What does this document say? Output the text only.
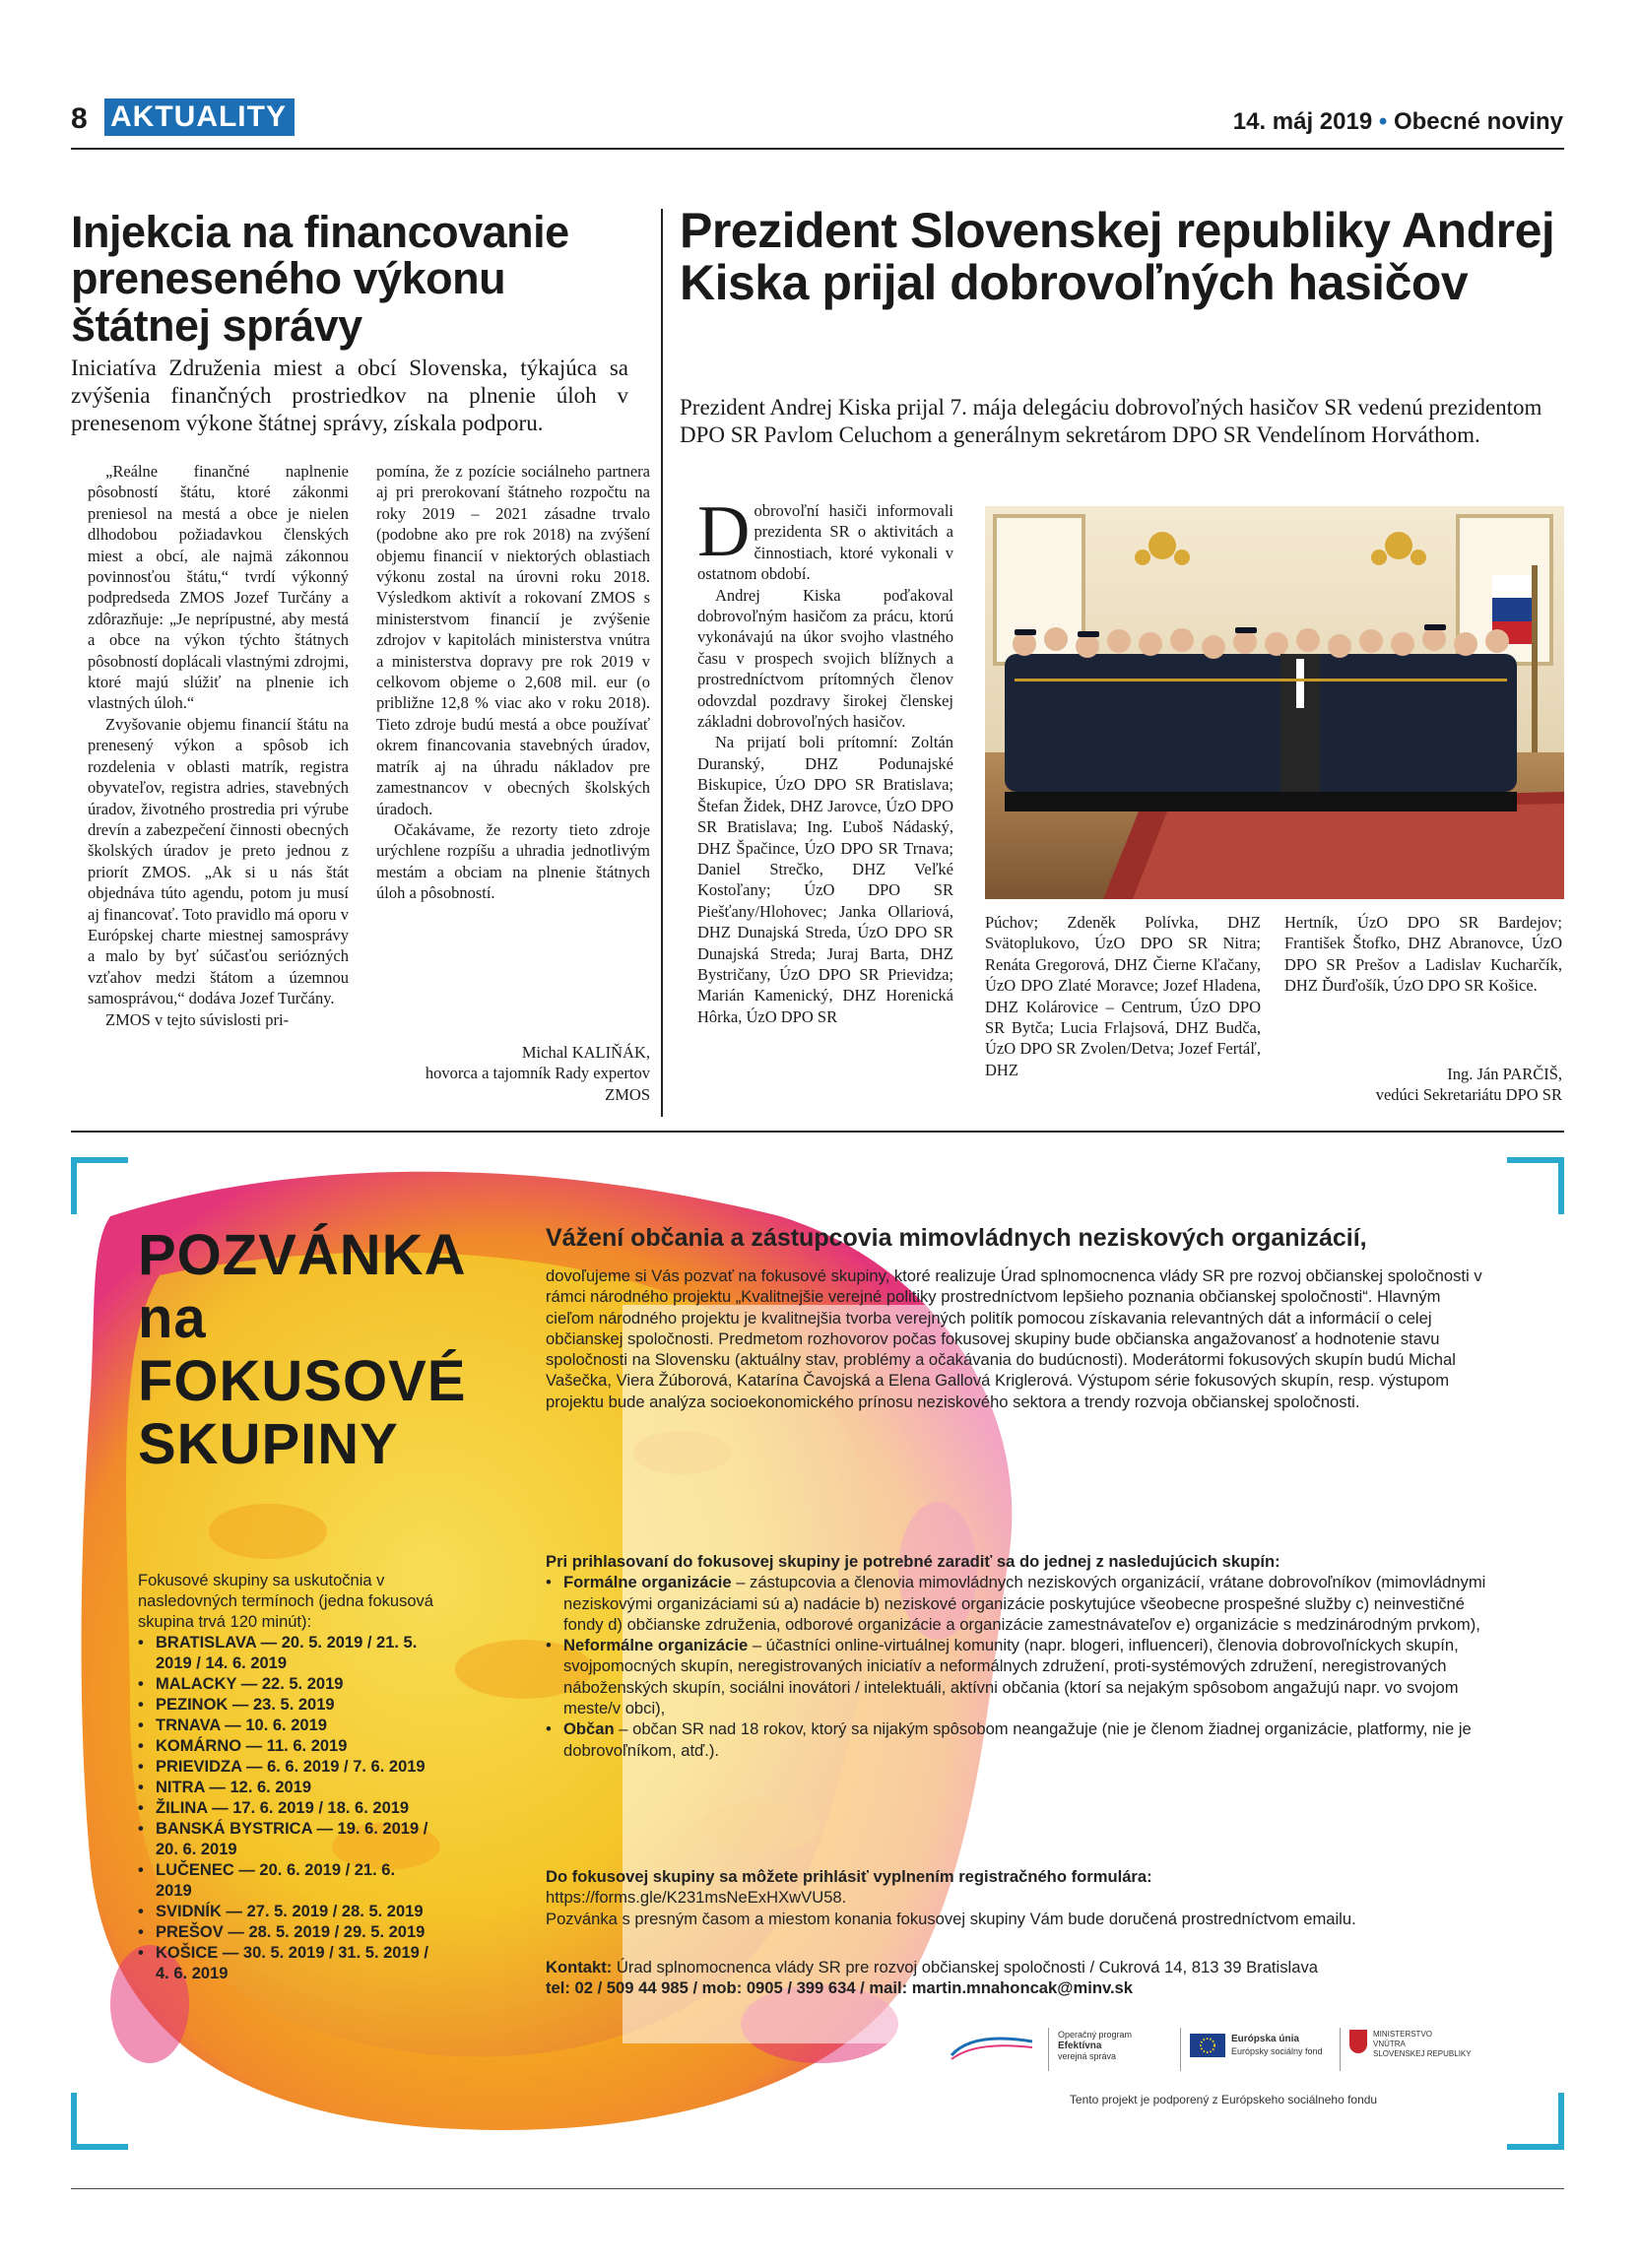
8 AKTUALITY	14. máj 2019 • Obecné noviny
Injekcia na financovanie preneseného výkonu štátnej správy
Iniciatíva Združenia miest a obcí Slovenska, týkajúca sa zvýšenia finančných prostriedkov na plnenie úloh v prenesenom výkone štátnej správy, získala podporu.

„Reálne finančné naplnenie pôsobností štátu, ktoré zákonmi preniesol na mestá a obce je nielen dlhodobou požiadavkou členských miest a obcí, ale najmä zákonnou povinnosťou štátu,“ tvrdí výkonný podpredseda ZMOS Jozef Turčány a zdôrazňuje: „Je neprípustné, aby mestá a obce na výkon týchto štátnych pôsobností doplácali vlastnými zdrojmi, ktoré majú slúžiť na plnenie ich vlastných úloh.“

Zvyšovanie objemu financií štátu na prenesený výkon a spôsob ich rozdelenia v oblasti matrík, registra obyvateľov, registra adries, stavebných úradov, životného prostredia pri výrube drevín a zabezpečení činnosti obecných školských úradov je preto jednou z priorít ZMOS. „Ak si u nás štát objednáva túto agendu, potom ju musí aj financovať. Toto pravidlo má oporu v Európskej charte miestnej samosprávy a malo by byť súčasťou seriózných vzťahov medzi štátom a územnou samosprávou,“ dodáva Jozef Turčány.

ZMOS v tejto súvislosti pri-

pomína, že z pozície sociálneho partnera aj pri prerokovaní štátneho rozpočtu na roky 2019 – 2021 zásadne trvalo (podobne ako pre rok 2018) na zvýšení objemu financií v niektorých oblastiach výkonu zostal na úrovni roku 2018. Výsledkom aktivít a rokovaní ZMOS s ministerstvom financií je zvýšenie zdrojov v kapitolách ministerstva vnútra a ministerstva dopravy pre rok 2019 v celkovom objeme o 2,608 mil. eur (o približne 12,8 % viac ako v roku 2018). Tieto zdroje budú mestá a obce používať okrem financovania stavebných úradov, matrík aj na úhradu nákladov pre zamestnancov v obecných školských úradoch.

Očakávame, že rezorty tieto zdroje urýchlene rozpíšu a uhradia jednotlivým mestám a obciam na plnenie štátnych úloh a pôsobností.

Michal KALIŇÁK,
hovorca a tajomník Rady expertov ZMOS
Prezident Slovenskej republiky Andrej Kiska prijal dobrovoľných hasičov
Prezident Andrej Kiska prijal 7. mája delegáciu dobrovoľných hasičov SR vedenú prezidentom DPO SR Pavlom Celuchom a generálnym sekretárom DPO SR Vendelínom Horváthom.

Dobrovoľní hasiči informovali prezidenta SR o aktivitách a činnostiach, ktoré vykonali v ostatnom období.

Andrej Kiska poďakoval dobrovoľným hasičom za prácu, ktorú vykonávajú na úkor svojho vlastného času v prospech svojich blížnych a prostredníctvom prítomných členov odovzdal pozdravy širokej členskej základni dobrovoľných hasičov.

Na prijatí boli prítomní: Zoltán Duranský, DHZ Podunajské Biskupice, ÚzO DPO SR Bratislava; Štefan Židek, DHZ Jarovce, ÚzO DPO SR Bratislava; Ing. Ľuboš Nádaský, DHZ Špačince, ÚzO DPO SR Trnava; Daniel Strečko, DHZ Veľké Kostoľany; ÚzO DPO SR Piešťany/Hlohovec; Janka Ollariová, DHZ Dunajská Streda, ÚzO DPO SR Dunajská Streda; Juraj Barta, DHZ Bystričany, ÚzO DPO SR Prievidza; Marián Kamenický, DHZ Horenická Hôrka, ÚzO DPO SR

Púchov; Zdeněk Polívka, DHZ Svätoplukovo, ÚzO DPO SR Nitra; Renáta Gregorová, DHZ Čierne Kľačany, ÚzO DPO Zlaté Moravce; Jozef Hladena, DHZ Kolárovice – Centrum, ÚzO DPO SR Bytča; Lucia Frlajsová, DHZ Budča, ÚzO DPO SR Zvolen/Detva; Jozef Fertáľ, DHZ

Hertník, ÚzO DPO SR Bardejov; František Štofko, DHZ Abranovce, ÚzO DPO SR Prešov a Ladislav Kucharčík, DHZ Ďurďošík, ÚzO DPO SR Košice.

Ing. Ján PARČIŠ,
vedúci Sekretariátu DPO SR
POZVÁNKA
na
FOKUSOVÉ
SKUPINY
Fokusové skupiny sa uskutočnia v nasledovných termínoch (jedna fokusová skupina trvá 120 minút):
• BRATISLAVA — 20. 5. 2019 / 21. 5. 2019 / 14. 6. 2019
• MALACKY — 22. 5. 2019
• PEZINOK — 23. 5. 2019
• TRNAVA — 10. 6. 2019
• KOMÁRNO — 11. 6. 2019
• PRIEVIDZA — 6. 6. 2019 / 7. 6. 2019
• NITRA — 12. 6. 2019
• ŽILINA — 17. 6. 2019 / 18. 6. 2019
• BANSKÁ BYSTRICA — 19. 6. 2019 / 20. 6. 2019
• LUČENEC — 20. 6. 2019 / 21. 6. 2019
• SVIDNÍK — 27. 5. 2019 / 28. 5. 2019
• PREŠOV — 28. 5. 2019 / 29. 5. 2019
• KOŠICE — 30. 5. 2019 / 31. 5. 2019 / 4. 6. 2019
Vážení občania a zástupcovia mimovládnych neziskových organizácií,
dovoľujeme si Vás pozvať na fokusové skupiny, ktoré realizuje Úrad splnomocnenca vlády SR pre rozvoj občianskej spoločnosti v rámci národného projektu „Kvalitnejšie verejné politiky prostredníctvom lepšieho poznania občianskej spoločnosti“. Hlavným cieľom národného projektu je kvalitnejšia tvorba verejných politík pomocou získavania relevantných dát a informácií o celej občianskej spoločnosti. Predmetom rozhovorov počas fokusovej skupiny bude občianska angažovanosť a hodnotenie stavu spoločnosti na Slovensku (aktuálny stav, problémy a očakávania do budúcnosti). Moderátormi fokusových skupín budú Michal Vašečka, Viera Žúborová, Katarína Čavojská a Elena Gallová Kriglerová. Výstupom série fokusových skupín, resp. výstupom projektu bude analýza socioekonomického prínosu neziskového sektora a trendy rozvoja občianskej spoločnosti.
Pri prihlasovaní do fokusovej skupiny je potrebné zaradiť sa do jednej z nasledujúcich skupín:
• Formálne organizácie – zástupcovia a členovia mimovládnych neziskových organizácií, vrátane dobrovoľníkov (mimovládnymi neziskovými organizáciami sú a) nadácie b) neziskové organizácie poskytujúce všeobecne prospešné služby c) neinvestičné fondy d) občianske združenia, odborové organizácie a organizácie zamestnávateľov e) organizácie s medzinárodným prvkom),
• Neformálne organizácie – účastníci online-virtuálnej komunity (napr. blogeri, influenceri), členovia dobrovoľníckych skupín, svojpomocných skupín, neregistrovaných iniciatív a neformálnych združení, proti-systémových združení, neregistrovaných náboženských skupín, sociálni inovátori / intelektuáli, aktívni občania (ktorí sa nejakým spôsobom angažujú napr. vo svojom meste/v obci),
• Občan – občan SR nad 18 rokov, ktorý sa nijakým spôsobom neangažuje (nie je členom žiadnej organizácie, platformy, nie je dobrovoľníkom, atď.).
Do fokusovej skupiny sa môžete prihlásiť vyplnením registračného formulára:
https://forms.gle/K231msNeExHXwVU58.
Pozvánka s presným časom a miestom konania fokusovej skupiny Vám bude doručená prostredníctvom emailu.
Kontakt: Úrad splnomocnenca vlády SR pre rozvoj občianskej spoločnosti / Cukrová 14, 813 39 Bratislava
tel: 02 / 509 44 985 / mob: 0905 / 399 634 / mail: martin.mnahoncak@minv.sk
Operačný program
Efektívna
verejná správa
Európska únia
Európsky sociálny fond
MINISTERSTVO
VNÚTRA
SLOVENSKEJ REPUBLIKY
Tento projekt je podporený z Európskeho sociálneho fondu
